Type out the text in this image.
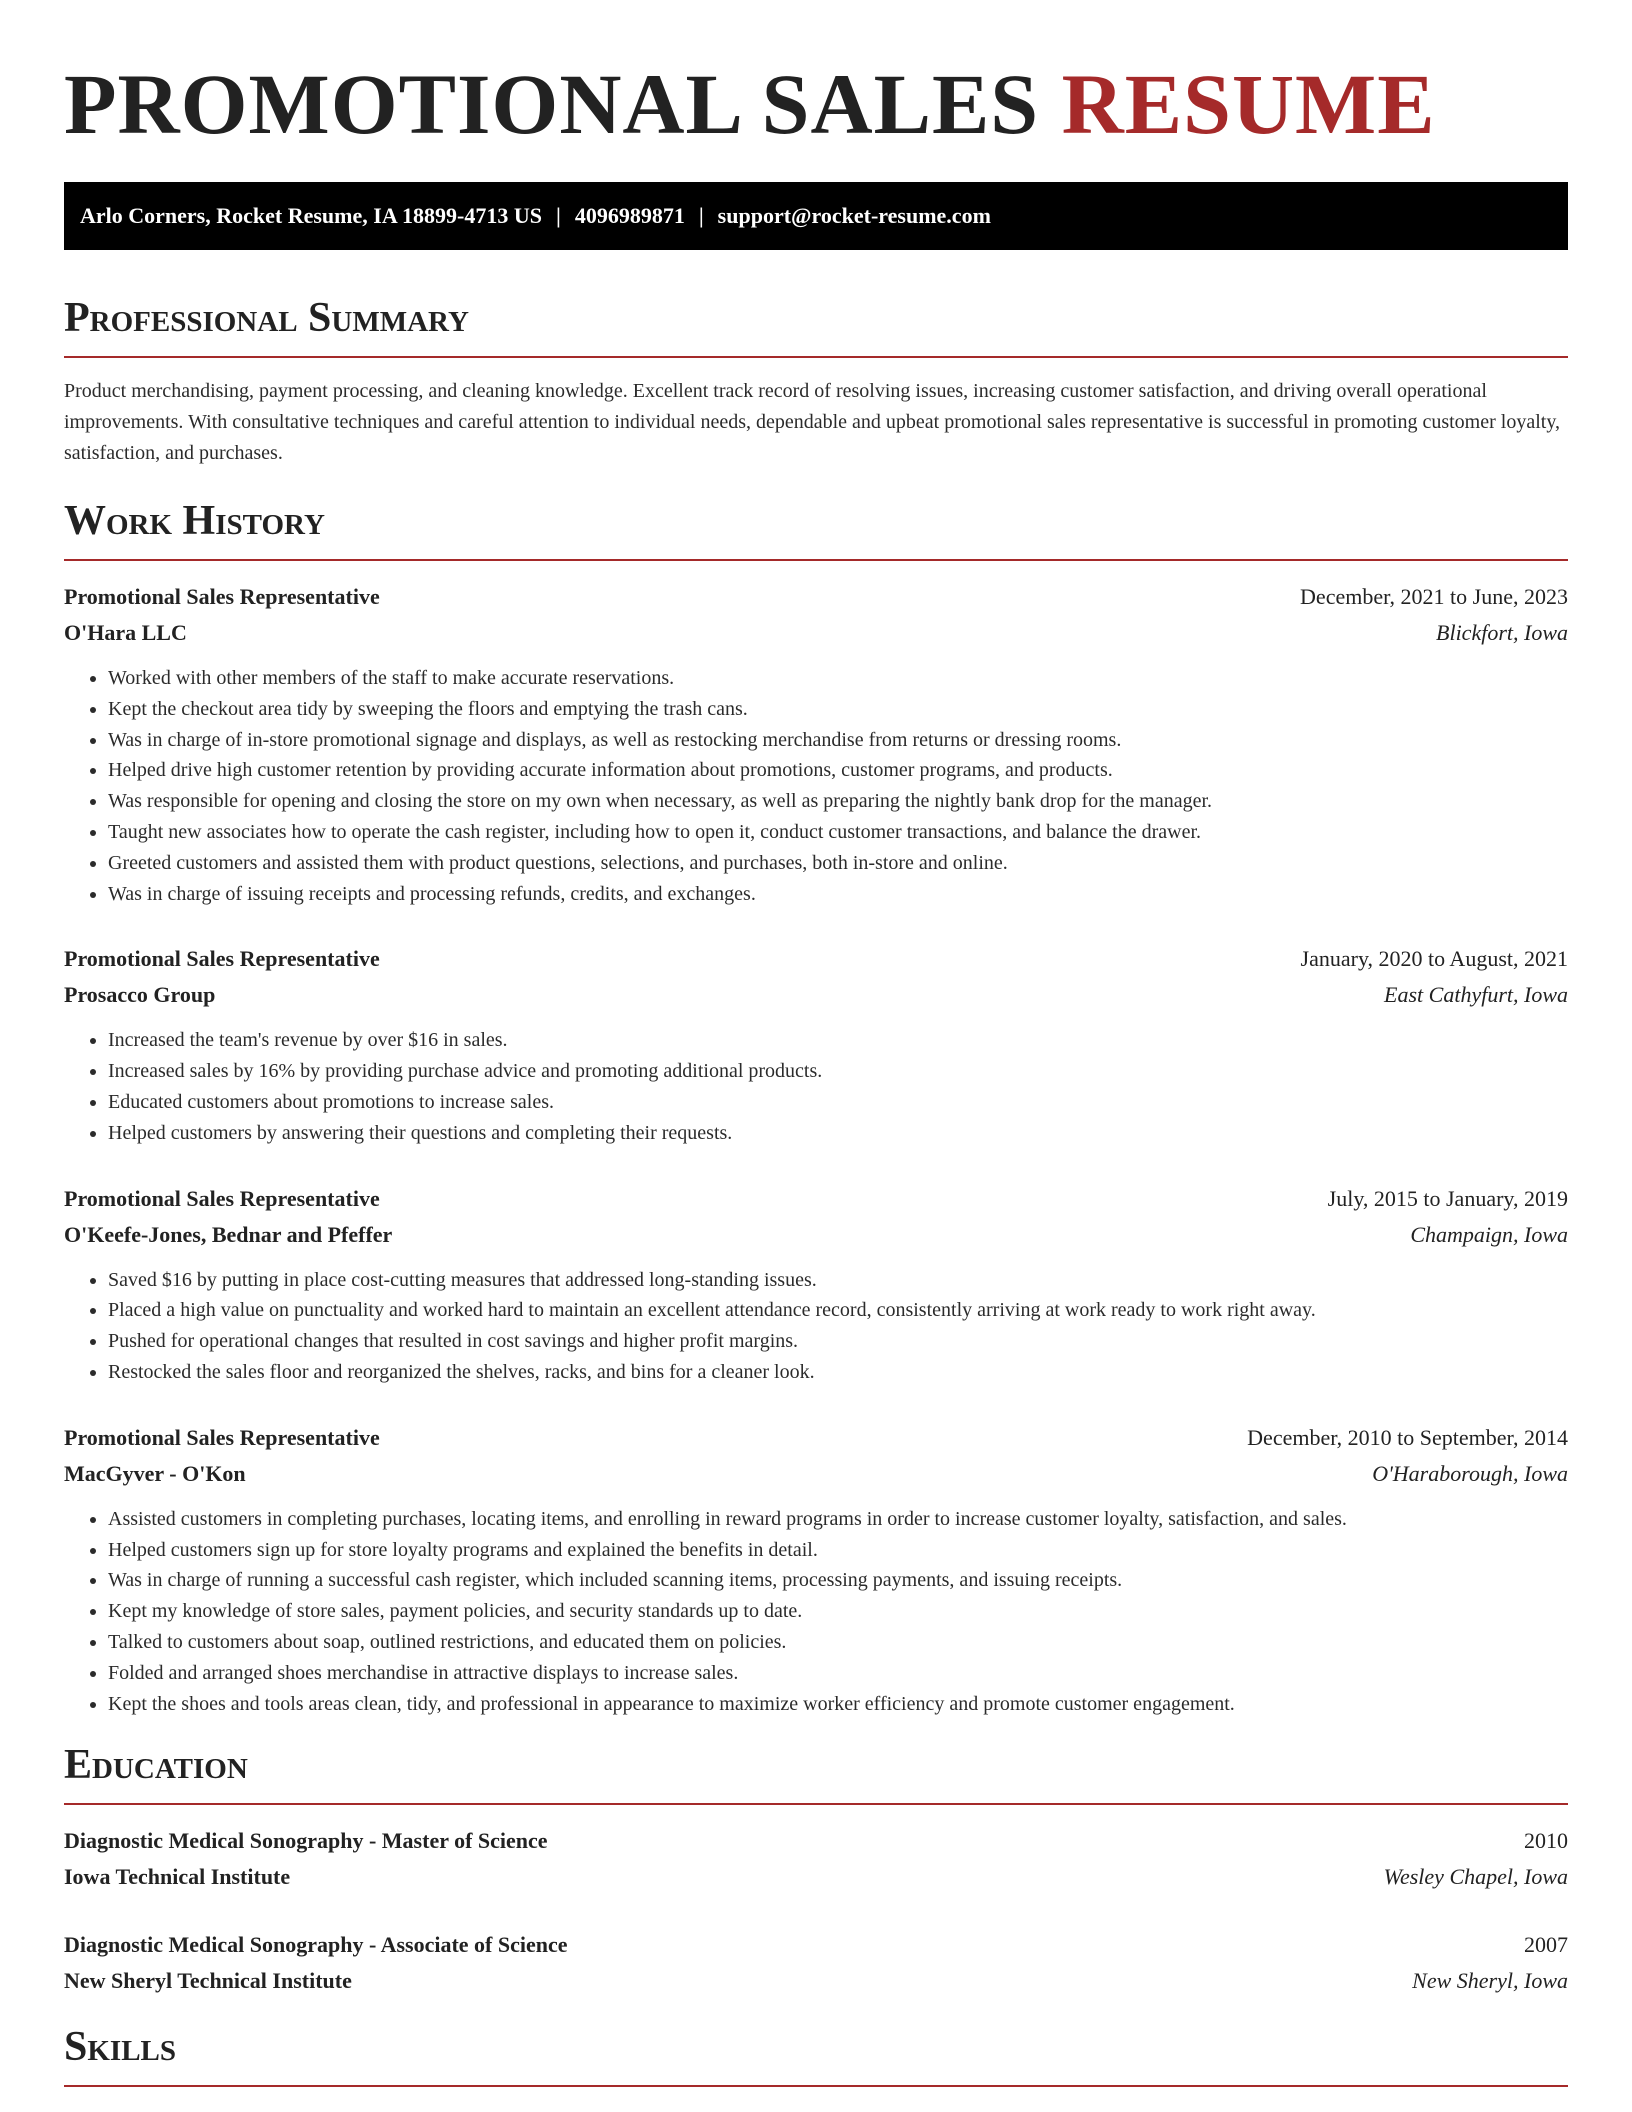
PROMOTIONAL SALES RESUME
Arlo Corners, Rocket Resume, IA 18899-4713 US | 4096989871 | support@rocket-resume.com
Professional Summary

Product merchandising, payment processing, and cleaning knowledge. Excellent track record of resolving issues, increasing customer satisfaction, and driving overall operational improvements. With consultative techniques and careful attention to individual needs, dependable and upbeat promotional sales representative is successful in promoting customer loyalty, satisfaction, and purchases.

Work History
Promotional Sales Representative	December, 2021 to June, 2023
O'Hara LLC	Blickfort, Iowa
• Worked with other members of the staff to make accurate reservations.
• Kept the checkout area tidy by sweeping the floors and emptying the trash cans.
• Was in charge of in-store promotional signage and displays, as well as restocking merchandise from returns or dressing rooms.
• Helped drive high customer retention by providing accurate information about promotions, customer programs, and products.
• Was responsible for opening and closing the store on my own when necessary, as well as preparing the nightly bank drop for the manager.
• Taught new associates how to operate the cash register, including how to open it, conduct customer transactions, and balance the drawer.
• Greeted customers and assisted them with product questions, selections, and purchases, both in-store and online.
• Was in charge of issuing receipts and processing refunds, credits, and exchanges.
Promotional Sales Representative	January, 2020 to August, 2021
Prosacco Group	East Cathyfurt, Iowa
• Increased the team's revenue by over $16 in sales.
• Increased sales by 16% by providing purchase advice and promoting additional products.
• Educated customers about promotions to increase sales.
• Helped customers by answering their questions and completing their requests.
Promotional Sales Representative	July, 2015 to January, 2019
O'Keefe-Jones, Bednar and Pfeffer	Champaign, Iowa
• Saved $16 by putting in place cost-cutting measures that addressed long-standing issues.
• Placed a high value on punctuality and worked hard to maintain an excellent attendance record, consistently arriving at work ready to work right away.
• Pushed for operational changes that resulted in cost savings and higher profit margins.
• Restocked the sales floor and reorganized the shelves, racks, and bins for a cleaner look.
Promotional Sales Representative	December, 2010 to September, 2014
MacGyver - O'Kon	O'Haraborough, Iowa
• Assisted customers in completing purchases, locating items, and enrolling in reward programs in order to increase customer loyalty, satisfaction, and sales.
• Helped customers sign up for store loyalty programs and explained the benefits in detail.
• Was in charge of running a successful cash register, which included scanning items, processing payments, and issuing receipts.
• Kept my knowledge of store sales, payment policies, and security standards up to date.
• Talked to customers about soap, outlined restrictions, and educated them on policies.
• Folded and arranged shoes merchandise in attractive displays to increase sales.
• Kept the shoes and tools areas clean, tidy, and professional in appearance to maximize worker efficiency and promote customer engagement.
Education
Diagnostic Medical Sonography - Master of Science	2010
Iowa Technical Institute	Wesley Chapel, Iowa
Diagnostic Medical Sonography - Associate of Science	2007
New Sheryl Technical Institute	New Sheryl, Iowa
Skills
